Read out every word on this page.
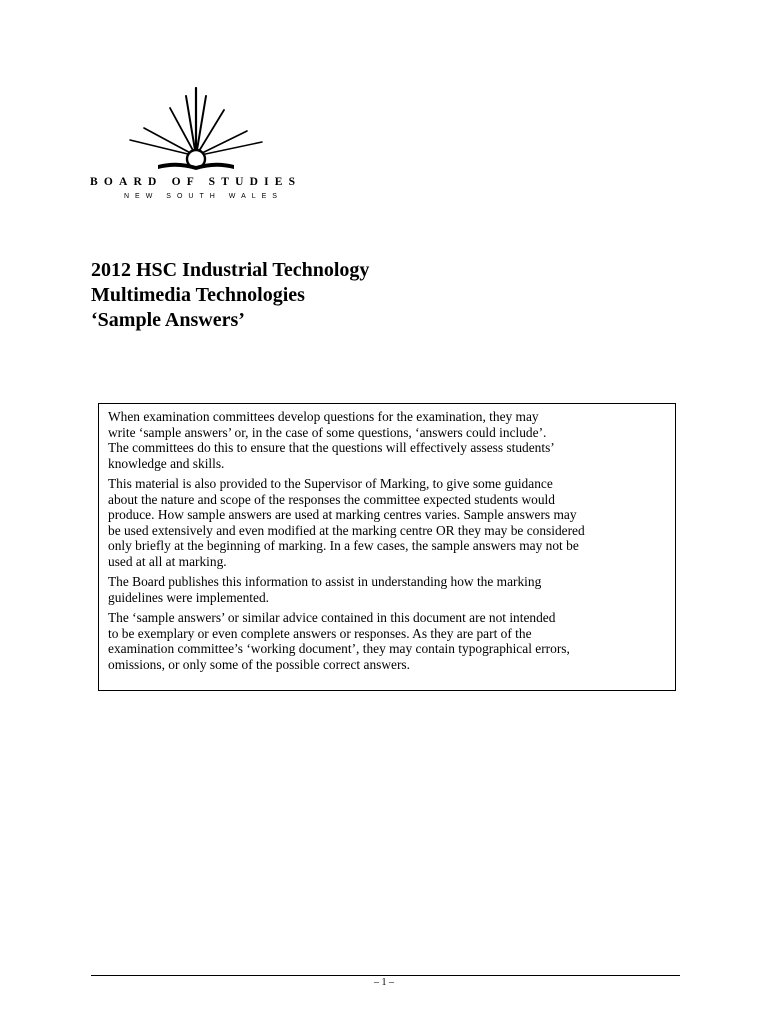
BOARD OF STUDIES
NEW SOUTH WALES
2012 HSC Industrial Technology
Multimedia Technologies
‘Sample Answers’

When examination committees develop questions for the examination, they may
write ‘sample answers’ or, in the case of some questions, ‘answers could include’.
The committees do this to ensure that the questions will effectively assess students’
knowledge and skills.

This material is also provided to the Supervisor of Marking, to give some guidance
about the nature and scope of the responses the committee expected students would
produce. How sample answers are used at marking centres varies. Sample answers may
be used extensively and even modified at the marking centre OR they may be considered
only briefly at the beginning of marking. In a few cases, the sample answers may not be
used at all at marking.

The Board publishes this information to assist in understanding how the marking
guidelines were implemented.

The ‘sample answers’ or similar advice contained in this document are not intended
to be exemplary or even complete answers or responses. As they are part of the
examination committee’s ‘working document’, they may contain typographical errors,
omissions, or only some of the possible correct answers.

– 1 –
